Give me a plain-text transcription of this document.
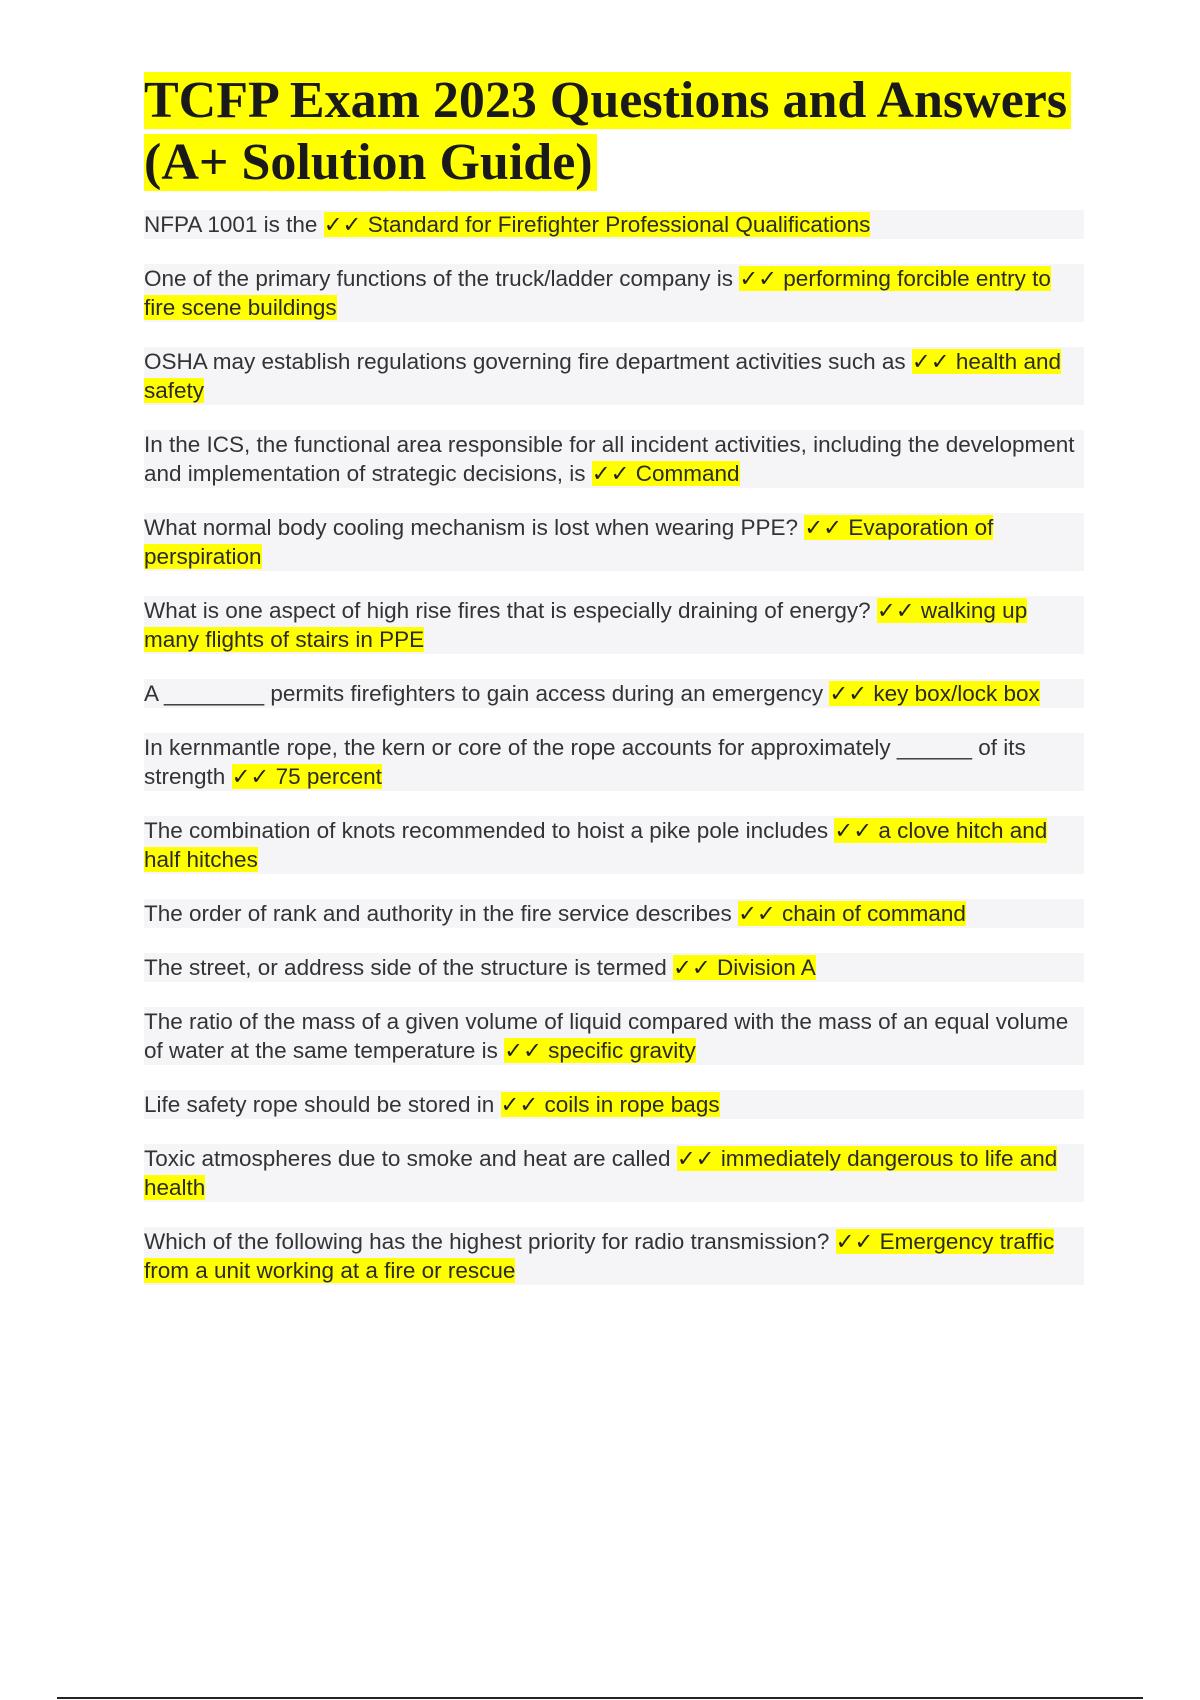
TCFP Exam 2023 Questions and Answers (A+ Solution Guide)
NFPA 1001 is the ✓✓ Standard for Firefighter Professional Qualifications
One of the primary functions of the truck/ladder company is ✓✓ performing forcible entry to fire scene buildings
OSHA may establish regulations governing fire department activities such as ✓✓ health and safety
In the ICS, the functional area responsible for all incident activities, including the development and implementation of strategic decisions, is ✓✓ Command
What normal body cooling mechanism is lost when wearing PPE? ✓✓ Evaporation of perspiration
What is one aspect of high rise fires that is especially draining of energy? ✓✓ walking up many flights of stairs in PPE
A ________ permits firefighters to gain access during an emergency ✓✓ key box/lock box
In kernmantle rope, the kern or core of the rope accounts for approximately ______ of its strength ✓✓ 75 percent
The combination of knots recommended to hoist a pike pole includes ✓✓ a clove hitch and half hitches
The order of rank and authority in the fire service describes ✓✓ chain of command
The street, or address side of the structure is termed ✓✓ Division A
The ratio of the mass of a given volume of liquid compared with the mass of an equal volume of water at the same temperature is ✓✓ specific gravity
Life safety rope should be stored in ✓✓ coils in rope bags
Toxic atmospheres due to smoke and heat are called ✓✓ immediately dangerous to life and health
Which of the following has the highest priority for radio transmission? ✓✓ Emergency traffic from a unit working at a fire or rescue
